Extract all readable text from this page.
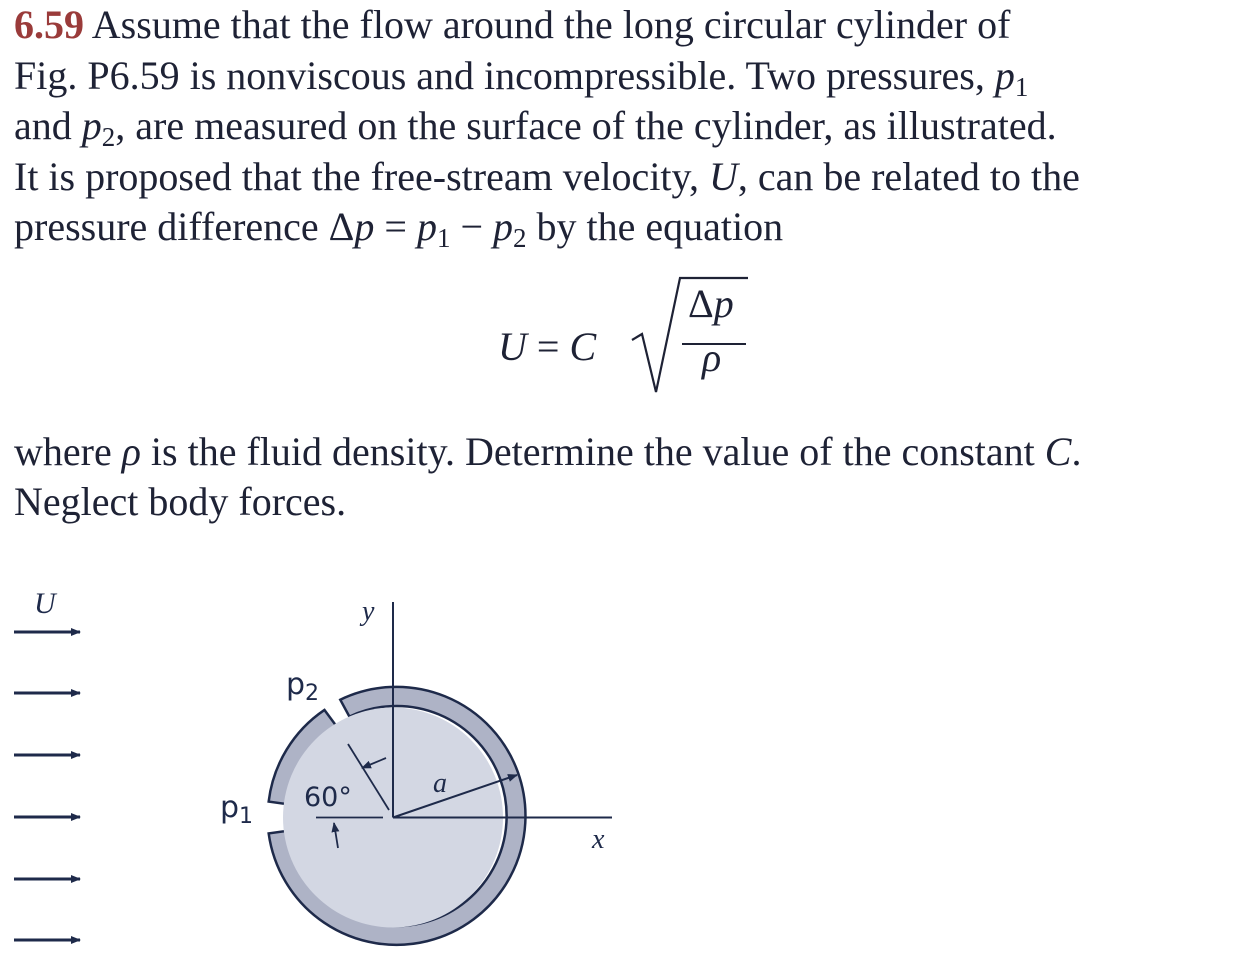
6.59 Assume that the flow around the long circular cylinder of

Fig. P6.59 is nonviscous and incompressible. Two pressures, $p_1$

and $p_2$, are measured on the surface of the cylinder, as illustrated.

It is proposed that the free-stream velocity, U, can be related to the

pressure difference $\Delta p = p_1 - p_2$ by the equation

U = C
Δp
ρ

where ρ is the fluid density. Determine the value of the constant C.

Neglect body forces.

U	y
x
a
60°
$p_1$
$p_2$
